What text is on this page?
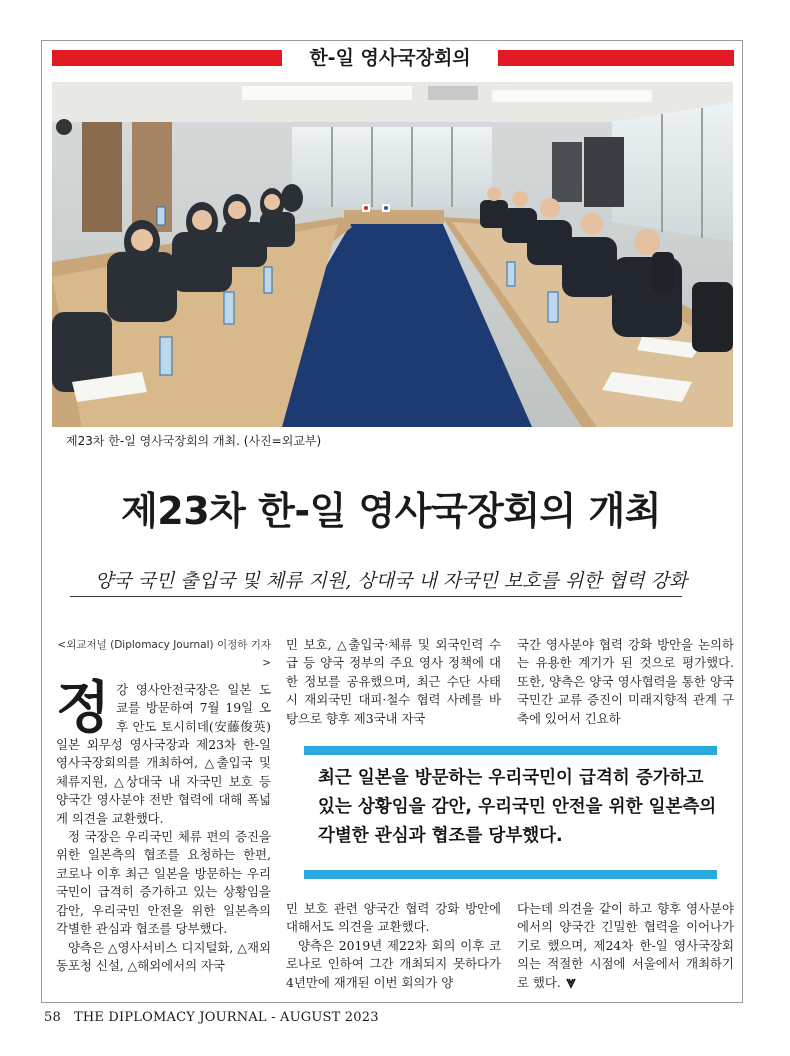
한-일 영사국장회의
제23차 한-일 영사국장회의 개최. (사진=외교부)
제23차 한-일 영사국장회의 개최
양국 국민 출입국 및 체류 지원, 상대국 내 자국민 보호를 위한 협력 강화
<외교저널 (Diplomacy Journal) 이정하 기자>

정강 영사안전국장은 일본 도쿄를 방문하여 7월 19일 오후 안도 토시히데(安藤俊英) 일본 외무성 영사국장과 제23차 한-일 영사국장회의를 개최하여, △출입국 및 체류지원, △상대국 내 자국민 보호 등 양국간 영사분야 전반 협력에 대해 폭넓게 의견을 교환했다.

정 국장은 우리국민 체류 편의 증진을 위한 일본측의 협조를 요청하는 한편, 코로나 이후 최근 일본을 방문하는 우리국민이 급격히 증가하고 있는 상황임을 감안, 우리국민 안전을 위한 일본측의 각별한 관심과 협조를 당부했다.

양측은 △영사서비스 디지털화, △재외동포청 신설, △해외에서의 자국

민 보호, △출입국·체류 및 외국인력 수급 등 양국 정부의 주요 영사 정책에 대한 정보를 공유했으며, 최근 수단 사태시 재외국민 대피·철수 협력 사례를 바탕으로 향후 제3국내 자국

국간 영사분야 협력 강화 방안을 논의하는 유용한 계기가 된 것으로 평가했다. 또한, 양측은 양국 영사협력을 통한 양국 국민간 교류 증진이 미래지향적 관계 구축에 있어서 긴요하

최근 일본을 방문하는 우리국민이 급격히 증가하고 있는 상황임을 감안, 우리국민 안전을 위한 일본측의 각별한 관심과 협조를 당부했다.

민 보호 관련 양국간 협력 강화 방안에 대해서도 의견을 교환했다.

양측은 2019년 제22차 회의 이후 코로나로 인하여 그간 개최되지 못하다가 4년만에 재개된 이번 회의가 양

다는데 의견을 같이 하고 향후 영사분야에서의 양국간 긴밀한 협력을 이어나가기로 했으며, 제24차 한-일 영사국장회의는 적절한 시점에 서울에서 개최하기로 했다.

58 THE DIPLOMACY JOURNAL - AUGUST 2023
